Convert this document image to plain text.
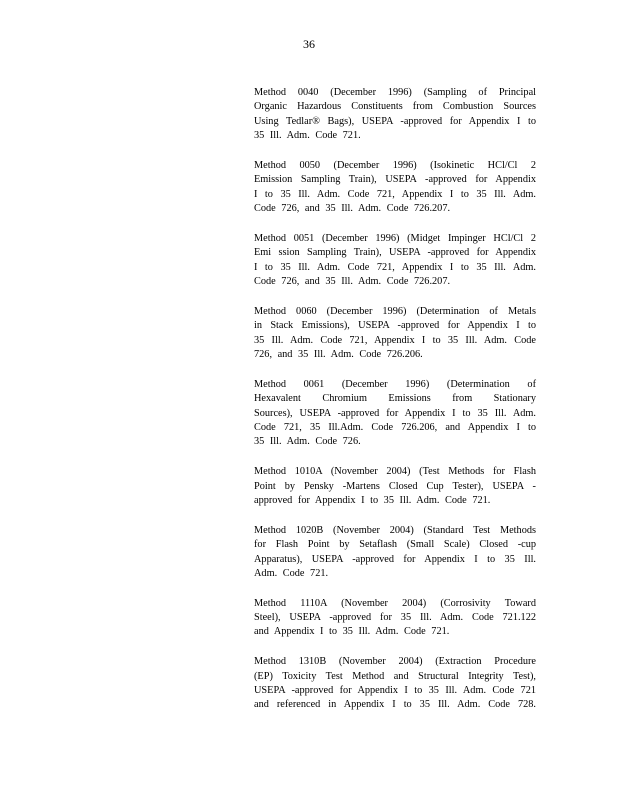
36
Method 0040 (December 1996) (Sampling of Principal
Organic Hazardous Constituents from Combustion Sources
Using Tedlar® Bags), USEPA -approved for Appendix I to
35 Ill. Adm. Code 721.
Method 0050 (December 1996) (Isokinetic HCl/Cl 2
Emission Sampling Train), USEPA -approved for Appendix
I to 35 Ill. Adm. Code 721, Appendix I to 35 Ill. Adm.
Code 726, and 35 Ill. Adm. Code 726.207.
Method 0051 (December 1996) (Midget Impinger HCl/Cl 2
Emi ssion Sampling Train), USEPA -approved for Appendix
I to 35 Ill. Adm. Code 721, Appendix I to 35 Ill. Adm.
Code 726, and 35 Ill. Adm. Code 726.207.
Method 0060 (December 1996) (Determination of Metals
in Stack Emissions), USEPA -approved for Appendix I to
35 Ill. Adm. Code 721, Appendix I to 35 Ill. Adm. Code
726, and 35 Ill. Adm. Code 726.206.
Method 0061 (December 1996) (Determination of
Hexavalent Chromium Emissions from Stationary
Sources), USEPA -approved for Appendix I to 35 Ill. Adm.
Code 721, 35 Ill.Adm. Code 726.206, and Appendix I to
35 Ill. Adm. Code 726.
Method 1010A (November 2004) (Test Methods for Flash
Point by Pensky -Martens Closed Cup Tester), USEPA -
approved for Appendix I to 35 Ill. Adm. Code 721.
Method 1020B (November 2004) (Standard Test Methods
for Flash Point by Setaflash (Small Scale) Closed -cup
Apparatus), USEPA -approved for Appendix I to 35 Ill.
Adm. Code 721.
Method 1110A (November 2004) (Corrosivity Toward
Steel), USEPA -approved for 35 Ill. Adm. Code 721.122
and Appendix I to 35 Ill. Adm. Code 721.
Method 1310B (November 2004) (Extraction Procedure
(EP) Toxicity Test Method and Structural Integrity Test),
USEPA -approved for Appendix I to 35 Ill. Adm. Code 721
and referenced in Appendix I to 35 Ill. Adm. Code 728.
